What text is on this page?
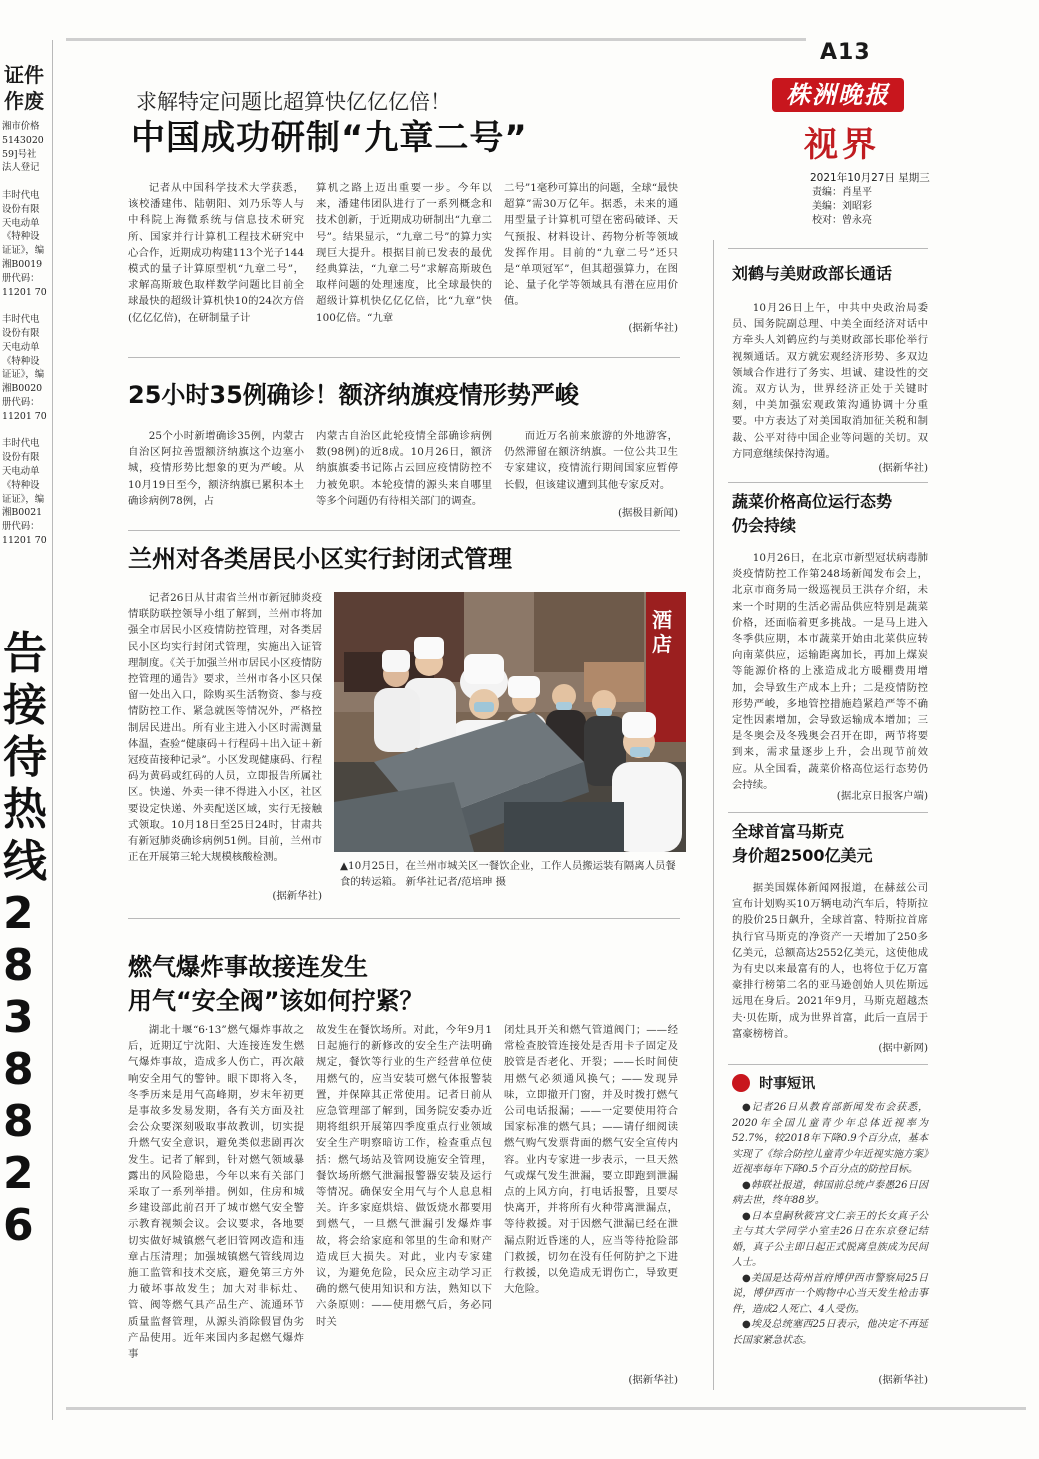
证件
作废
湘市价格
5143020
59]号社
法人登记

丰时代电
设份有限
天电动单
《特种设
证证》，编
湘B0019
册代码：
11201 70

丰时代电
设份有限
天电动单
《特种设
证证》，编
湘B0020
册代码：
11201 70

丰时代电
设份有限
天电动单
《特种设
证证》，编
湘B0021
册代码：
11201 70
告接待热线 2838826
A13
株洲晚报
视界
2021年10月27日 星期三
责编：肖星平
美编：刘昭彩
校对：曾永亮
求解特定问题比超算快亿亿亿倍！
中国成功研制“九章二号”
记者从中国科学技术大学获悉，该校潘建伟、陆朝阳、刘乃乐等人与中科院上海微系统与信息技术研究所、国家并行计算机工程技术研究中心合作，近期成功构建113个光子144模式的量子计算原型机“九章二号”，求解高斯玻色取样数学问题比目前全球最快的超级计算机快10的24次方倍(亿亿亿倍)，在研制量子计
算机之路上迈出重要一步。今年以来，潘建伟团队进行了一系列概念和技术创新，于近期成功研制出“九章二号”。结果显示，“九章二号”的算力实现巨大提升。根据目前已发表的最优经典算法，“九章二号”求解高斯玻色取样问题的处理速度，比全球最快的超级计算机快亿亿亿倍，比“九章”快100亿倍。“九章
二号”1毫秒可算出的问题，全球“最快超算”需30万亿年。据悉，未来的通用型量子计算机可望在密码破译、天气预报、材料设计、药物分析等领域发挥作用。目前的“九章二号”还只是“单项冠军”，但其超强算力，在图论、量子化学等领域具有潜在应用价值。
(据新华社)
25小时35例确诊！额济纳旗疫情形势严峻
25个小时新增确诊35例，内蒙古自治区阿拉善盟额济纳旗这个边塞小城，疫情形势比想象的更为严峻。从10月19日至今，额济纳旗已累积本土确诊病例78例，占
内蒙古自治区此轮疫情全部确诊病例数(98例)的近8成。10月26日，额济纳旗旗委书记陈占云回应疫情防控不力被免职。本轮疫情的源头来自哪里等多个问题仍有待相关部门的调查。
而近万名前来旅游的外地游客，仍然滞留在额济纳旗。一位公共卫生专家建议，疫情流行期间国家应暂停长假，但该建议遭到其他专家反对。
(据极目新闻)
兰州对各类居民小区实行封闭式管理
记者26日从甘肃省兰州市新冠肺炎疫情联防联控领导小组了解到，兰州市将加强全市居民小区疫情防控管理，对各类居民小区均实行封闭式管理，实施出入证管理制度。《关于加强兰州市居民小区疫情防控管理的通告》要求，兰州市各小区只保留一处出入口，除购买生活物资、参与疫情防控工作、紧急就医等情况外，严格控制居民进出。所有业主进入小区时需测量体温，查验“健康码＋行程码＋出入证＋新冠疫苗接种记录”。小区发现健康码、行程码为黄码或红码的人员，立即报告所属社区。快递、外卖一律不得进入小区，社区要设定快递、外卖配送区域，实行无接触式领取。10月18日至25日24时，甘肃共有新冠肺炎确诊病例51例。目前，兰州市正在开展第三轮大规模核酸检测。
(据新华社)
酒店
▲10月25日，在兰州市城关区一餐饮企业，工作人员搬运装有隔离人员餐食的转运箱。 新华社记者/范培珅 摄
燃气爆炸事故接连发生
用气“安全阀”该如何拧紧？
湖北十堰“6·13”燃气爆炸事故之后，近期辽宁沈阳、大连接连发生燃气爆炸事故，造成多人伤亡，再次敲响安全用气的警钟。眼下即将入冬，冬季历来是用气高峰期，岁末年初更是事故多发易发期，各有关方面及社会公众要深刻吸取事故教训，切实提升燃气安全意识，避免类似悲剧再次发生。记者了解到，针对燃气领域暴露出的风险隐患，今年以来有关部门采取了一系列举措。例如，住房和城乡建设部此前召开了城市燃气安全警示教育视频会议。会议要求，各地要切实做好城镇燃气老旧管网改造和违章占压清理；加强城镇燃气管线周边施工监管和技术交底，避免第三方外力破坏事故发生；加大对非标灶、管、阀等燃气具产品生产、流通环节质量监督管理，从源头消除假冒伪劣产品使用。近年来国内多起燃气爆炸事
故发生在餐饮场所。对此，今年9月1日起施行的新修改的安全生产法明确规定，餐饮等行业的生产经营单位使用燃气的，应当安装可燃气体报警装置，并保障其正常使用。记者日前从应急管理部了解到，国务院安委办近期将组织开展第四季度重点行业领域安全生产明察暗访工作，检查重点包括：燃气场站及管网设施安全管理，餐饮场所燃气泄漏报警器安装及运行等情况。确保安全用气与个人息息相关。许多家庭烘焙、做饭烧水都要用到燃气，一旦燃气泄漏引发爆炸事故，将会给家庭和邻里的生命和财产造成巨大损失。对此，业内专家建议，为避免危险，民众应主动学习正确的燃气使用知识和方法，熟知以下六条原则：——使用燃气后，务必同时关
闭灶具开关和燃气管道阀门；——经常检查胶管连接处是否用卡子固定及胶管是否老化、开裂；——长时间使用燃气必须通风换气；——发现异味，立即撤开门窗，并及时拨打燃气公司电话报漏；——一定要使用符合国家标准的燃气具；——请仔细阅读燃气购气发票背面的燃气安全宣传内容。业内专家进一步表示，一旦天然气或煤气发生泄漏，要立即跑到泄漏点的上风方向，打电话报警，且要尽快离开，并将所有火种带离泄漏点，等待救援。对于因燃气泄漏已经在泄漏点附近昏迷的人，应当等待抢险部门救援，切勿在没有任何防护之下进行救援，以免造成无谓伤亡，导致更大危险。
(据新华社)
刘鹤与美财政部长通话
10月26日上午，中共中央政治局委员、国务院副总理、中美全面经济对话中方牵头人刘鹤应约与美财政部长耶伦举行视频通话。双方就宏观经济形势、多双边领域合作进行了务实、坦诚、建设性的交流。双方认为，世界经济正处于关键时刻，中美加强宏观政策沟通协调十分重要。中方表达了对美国取消加征关税和制裁、公平对待中国企业等问题的关切。双方同意继续保持沟通。
(据新华社)
蔬菜价格高位运行态势
仍会持续
10月26日，在北京市新型冠状病毒肺炎疫情防控工作第248场新闻发布会上，北京市商务局一级巡视员王洪存介绍，未来一个时期的生活必需品供应特别是蔬菜价格，还面临着更多挑战。一是马上进入冬季供应期，本市蔬菜开始由北菜供应转向南菜供应，运输距离加长，再加上煤炭等能源价格的上涨造成北方暖棚费用增加，会导致生产成本上升；二是疫情防控形势严峻，多地管控措施趋紧趋严等不确定性因素增加，会导致运输成本增加；三是冬奥会及冬残奥会召开在即，两节将要到来，需求量逐步上升，会出现节前效应。从全国看，蔬菜价格高位运行态势仍会持续。
(据北京日报客户端)
全球首富马斯克
身价超2500亿美元
据美国媒体新闻网报道，在赫兹公司宣布计划购买10万辆电动汽车后，特斯拉的股价25日飙升，全球首富、特斯拉首席执行官马斯克的净资产一天增加了250多亿美元，总额高达2552亿美元，这使他成为有史以来最富有的人，也将位于亿万富豪排行榜第二名的亚马逊创始人贝佐斯远远甩在身后。2021年9月，马斯克超越杰夫·贝佐斯，成为世界首富，此后一直居于富豪榜榜首。
(据中新网)
时事短讯
●记者26日从教育部新闻发布会获悉，2020年全国儿童青少年总体近视率为52.7%，较2018年下降0.9个百分点，基本实现了《综合防控儿童青少年近视实施方案》近视率每年下降0.5个百分点的防控目标。
●韩联社报道，韩国前总统卢泰愚26日因病去世，终年88岁。
●日本皇嗣秋筱宫文仁亲王的长女真子公主与其大学同学小室圭26日在东京登记结婚，真子公主即日起正式脱离皇族成为民间人士。
●美国是达荷州首府博伊西市警察局25日说，博伊西市一个购物中心当天发生枪击事件，造成2人死亡、4人受伤。
●埃及总统塞西25日表示，他决定不再延长国家紧急状态。
(据新华社)
